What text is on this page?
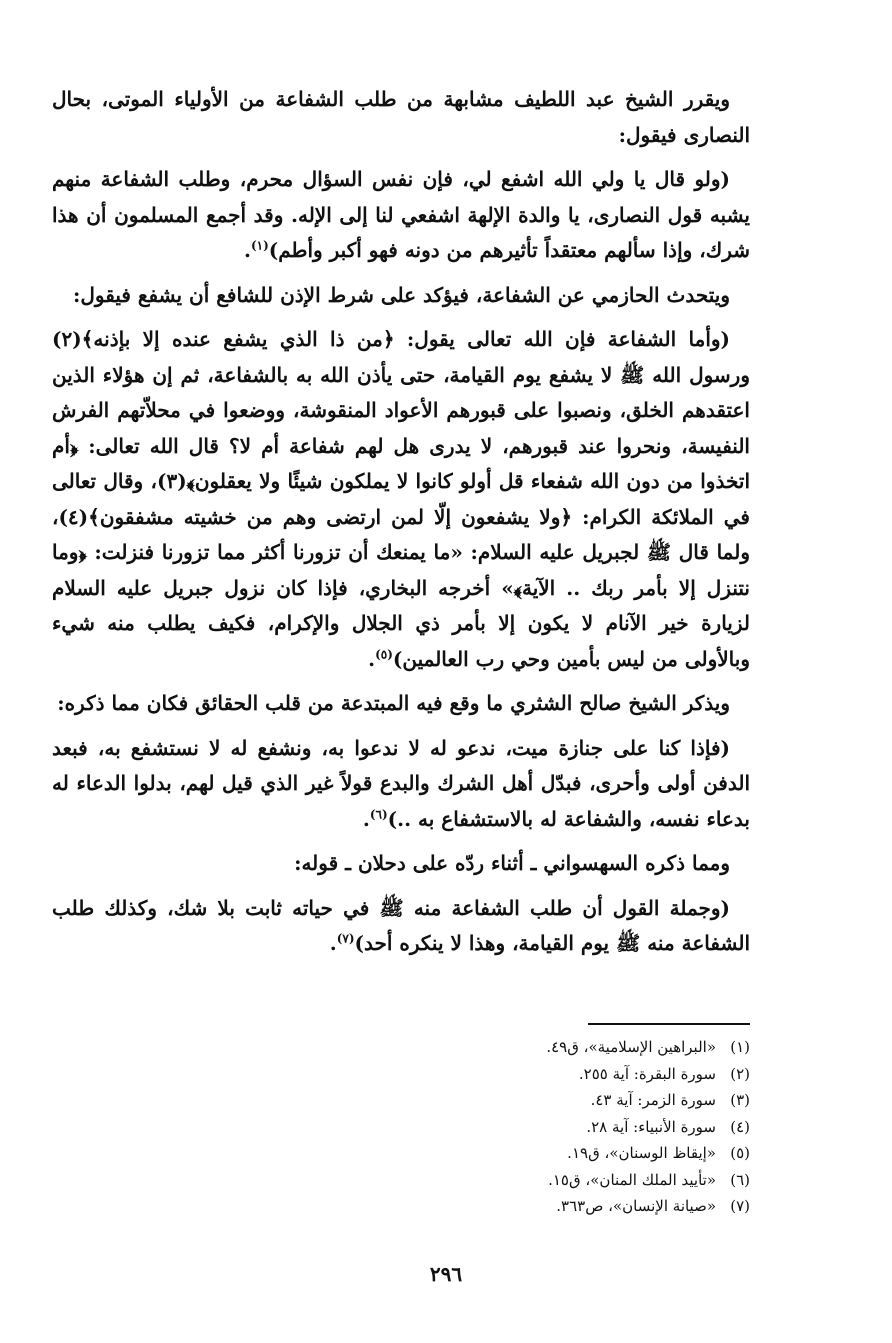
ويقرر الشيخ عبد اللطيف مشابهة من طلب الشفاعة من الأولياء الموتى، بحال النصارى فيقول:

(ولو قال يا ولي الله اشفع لي، فإن نفس السؤال محرم، وطلب الشفاعة منهم يشبه قول النصارى، يا والدة الإلهة اشفعي لنا إلى الإله. وقد أجمع المسلمون أن هذا شرك، وإذا سألهم معتقداً تأثيرهم من دونه فهو أكبر وأطم)$^{(١)}$.

ويتحدث الحازمي عن الشفاعة، فيؤكد على شرط الإذن للشافع أن يشفع فيقول:

(وأما الشفاعة فإن الله تعالى يقول: ﴿من ذا الذي يشفع عنده إلا بإذنه﴾(٢) ورسول الله ﷺ لا يشفع يوم القيامة، حتى يأذن الله به بالشفاعة، ثم إن هؤلاء الذين اعتقدهم الخلق، ونصبوا على قبورهم الأعواد المنقوشة، ووضعوا في محلاّتهم الفرش النفيسة، ونحروا عند قبورهم، لا يدرى هل لهم شفاعة أم لا؟ قال الله تعالى: ﴿أم اتخذوا من دون الله شفعاء قل أولو كانوا لا يملكون شيئًا ولا يعقلون﴾(٣)، وقال تعالى في الملائكة الكرام: ﴿ولا يشفعون إلّا لمن ارتضى وهم من خشيته مشفقون﴾(٤)، ولما قال ﷺ لجبريل عليه السلام: «ما يمنعك أن تزورنا أكثر مما تزورنا فنزلت: ﴿وما نتنزل إلا بأمر ربك .. الآية﴾» أخرجه البخاري، فإذا كان نزول جبريل عليه السلام لزيارة خير الآنام لا يكون إلا بأمر ذي الجلال والإكرام، فكيف يطلب منه شيء وبالأولى من ليس بأمين وحي رب العالمين)$^{(٥)}$.

ويذكر الشيخ صالح الشثري ما وقع فيه المبتدعة من قلب الحقائق فكان مما ذكره:

(فإذا كنا على جنازة ميت، ندعو له لا ندعوا به، ونشفع له لا نستشفع به، فبعد الدفن أولى وأحرى، فبدّل أهل الشرك والبدع قولاً غير الذي قيل لهم، بدلوا الدعاء له بدعاء نفسه، والشفاعة له بالاستشفاع به ..)$^{(٦)}$.

ومما ذكره السهسواني ـ أثناء ردّه على دحلان ـ قوله:

(وجملة القول أن طلب الشفاعة منه ﷺ في حياته ثابت بلا شك، وكذلك طلب الشفاعة منه ﷺ يوم القيامة، وهذا لا ينكره أحد)$^{(٧)}$.

(١)«البراهين الإسلامية»، ق٤٩.
(٢)سورة البقرة: آية ٢٥٥.
(٣)سورة الزمر: آية ٤٣.
(٤)سورة الأنبياء: آية ٢٨.
(٥)«إيقاظ الوسنان»، ق١٩.
(٦)«تأييد الملك المنان»، ق١٥.
(٧)«صيانة الإنسان»، ص٣٦٣.
٢٩٦
